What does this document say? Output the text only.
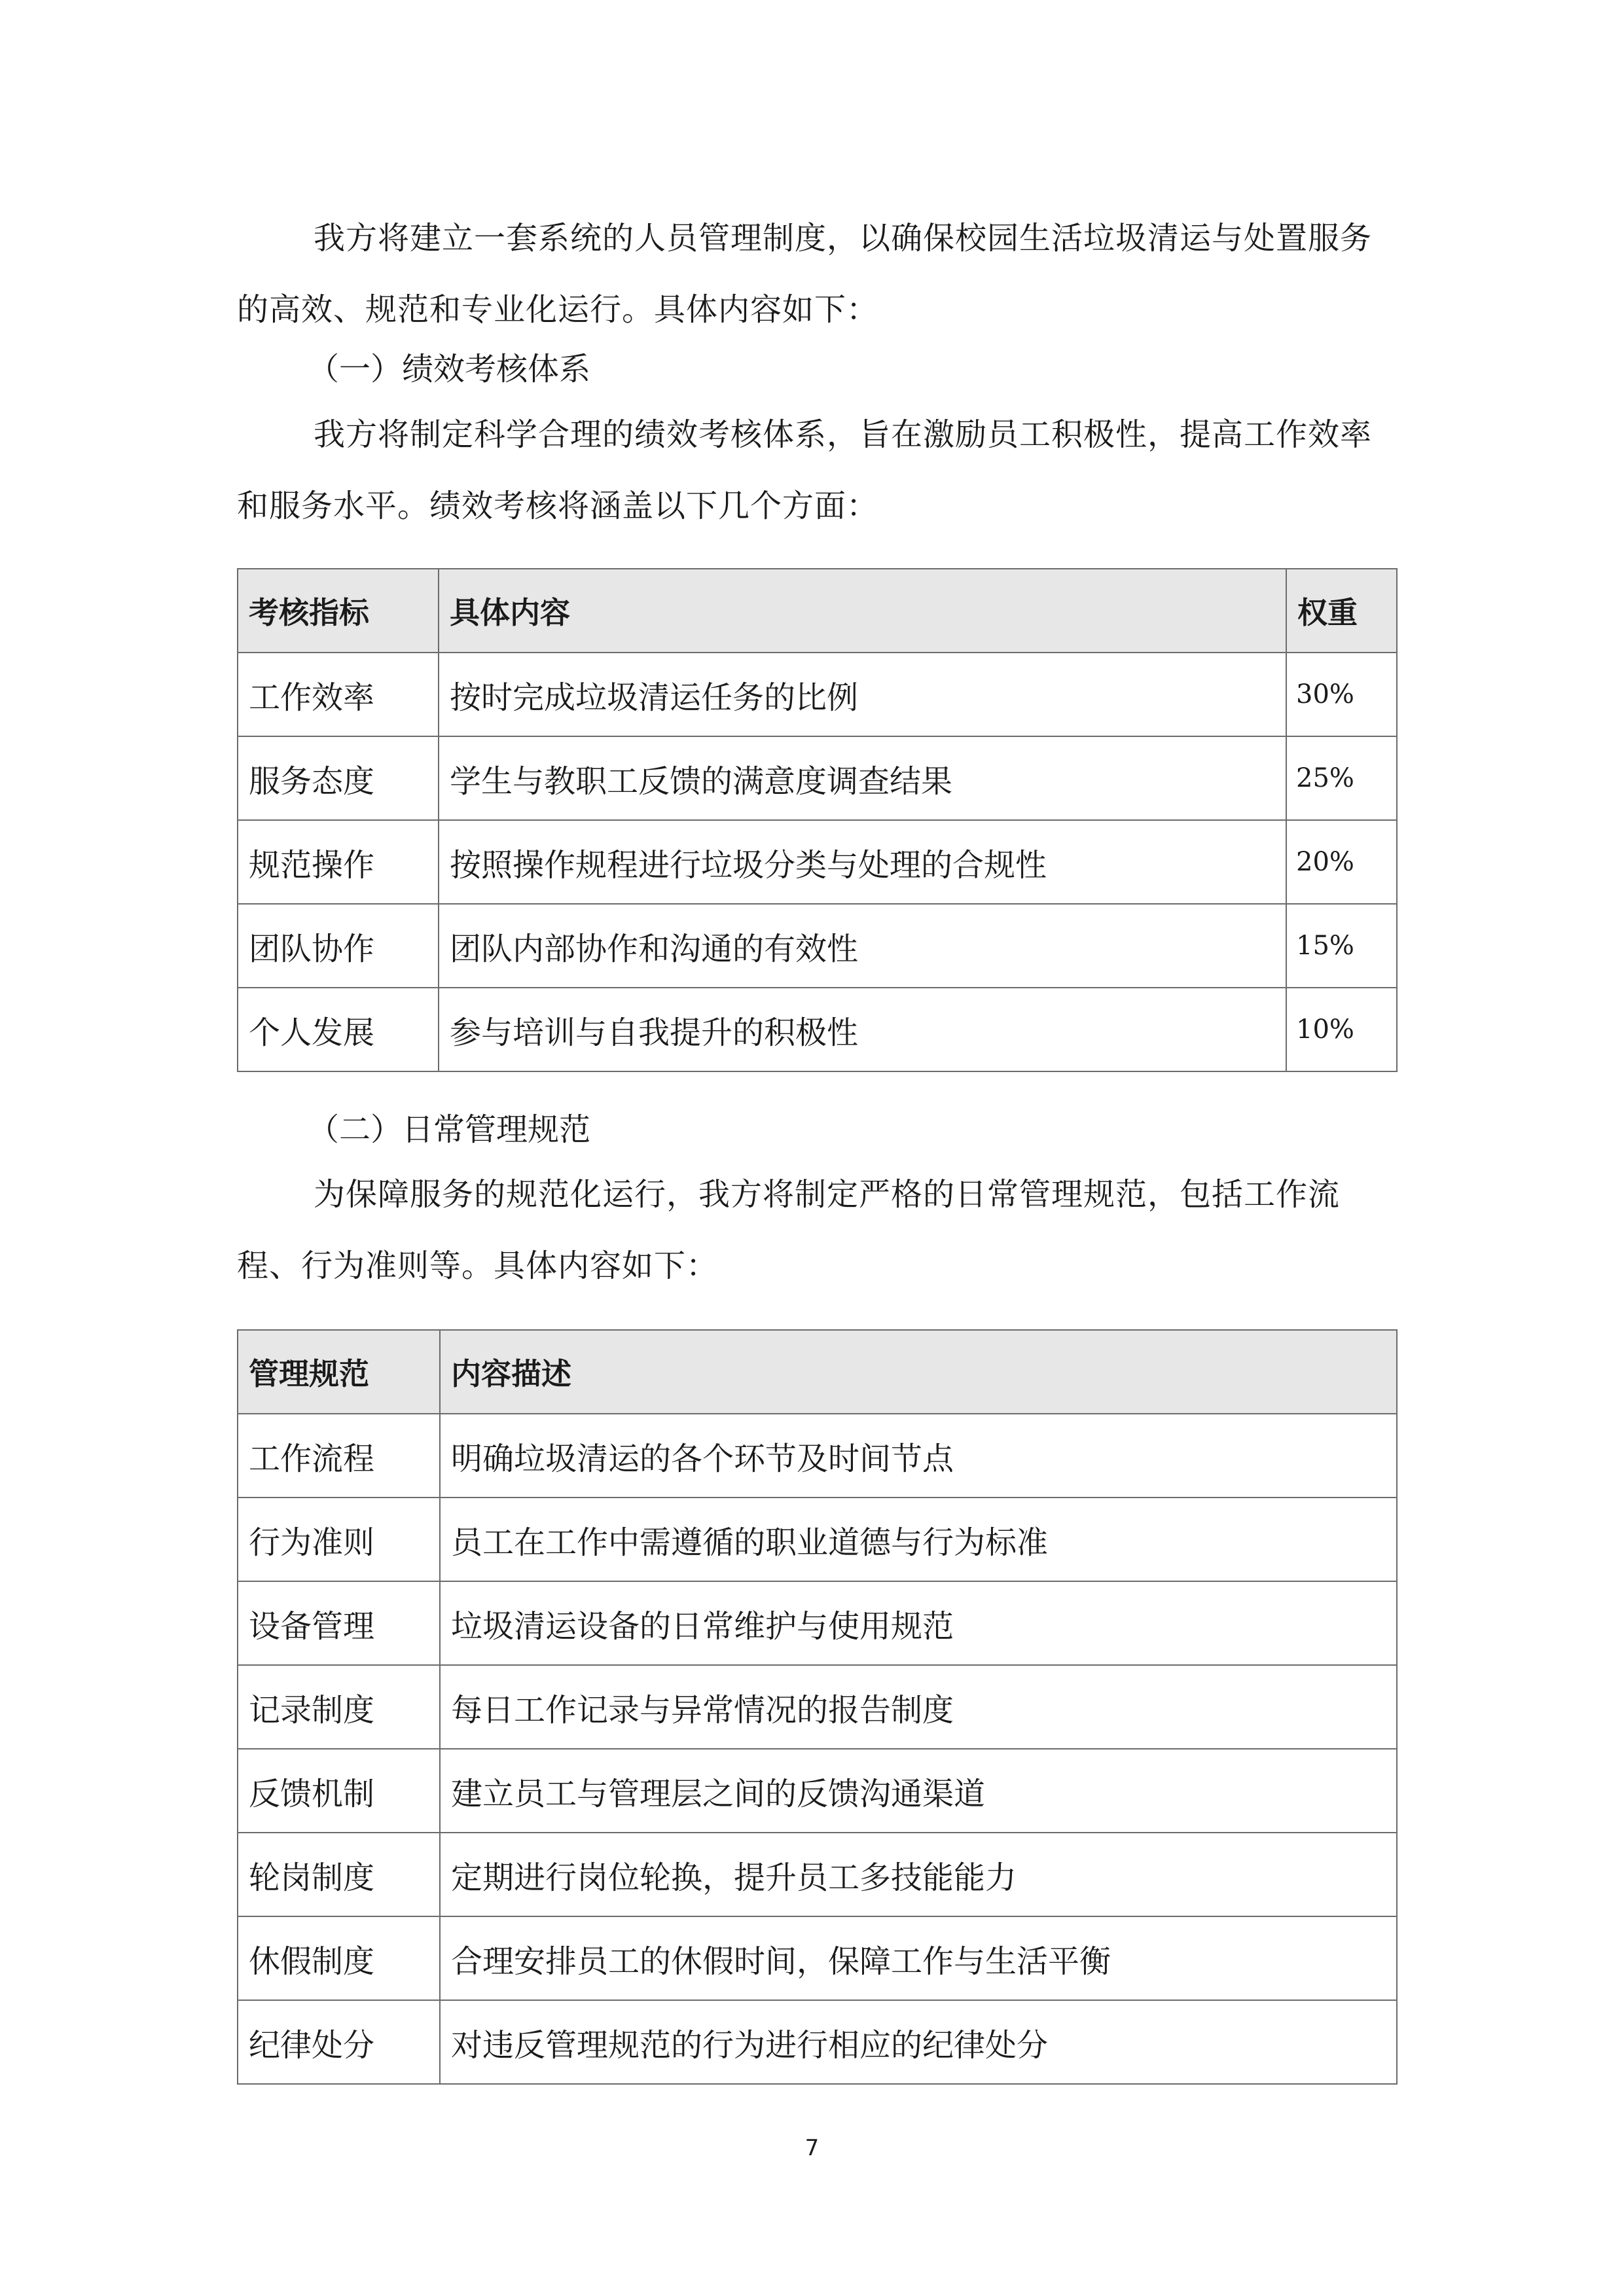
我方将建立一套系统的人员管理制度，以确保校园生活垃圾清运与处置服务的高效、规范和专业化运行。具体内容如下：

（一）绩效考核体系

我方将制定科学合理的绩效考核体系，旨在激励员工积极性，提高工作效率和服务水平。绩效考核将涵盖以下几个方面：

考核指标	具体内容	权重
工作效率	按时完成垃圾清运任务的比例	30%
服务态度	学生与教职工反馈的满意度调查结果	25%
规范操作	按照操作规程进行垃圾分类与处理的合规性	20%
团队协作	团队内部协作和沟通的有效性	15%
个人发展	参与培训与自我提升的积极性	10%

（二）日常管理规范

为保障服务的规范化运行，我方将制定严格的日常管理规范，包括工作流程、行为准则等。具体内容如下：

管理规范	内容描述
工作流程	明确垃圾清运的各个环节及时间节点
行为准则	员工在工作中需遵循的职业道德与行为标准
设备管理	垃圾清运设备的日常维护与使用规范
记录制度	每日工作记录与异常情况的报告制度
反馈机制	建立员工与管理层之间的反馈沟通渠道
轮岗制度	定期进行岗位轮换，提升员工多技能能力
休假制度	合理安排员工的休假时间，保障工作与生活平衡
纪律处分	对违反管理规范的行为进行相应的纪律处分
7
